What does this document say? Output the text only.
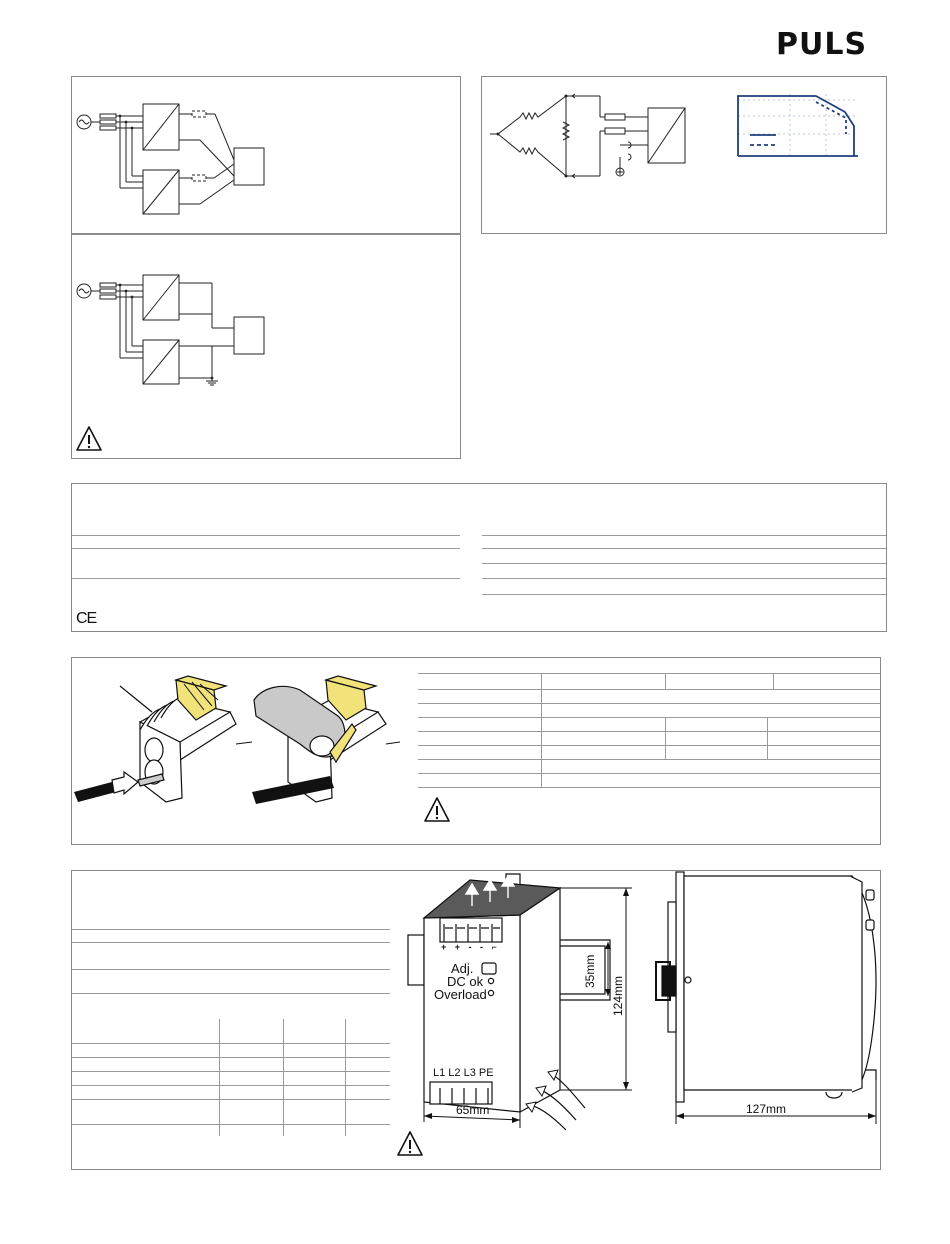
PULS
CE
+ + - - ⌐
Adj.
DC ok
Overload
L1 L2 L3 PE
65mm
35mm
124mm
127mm
